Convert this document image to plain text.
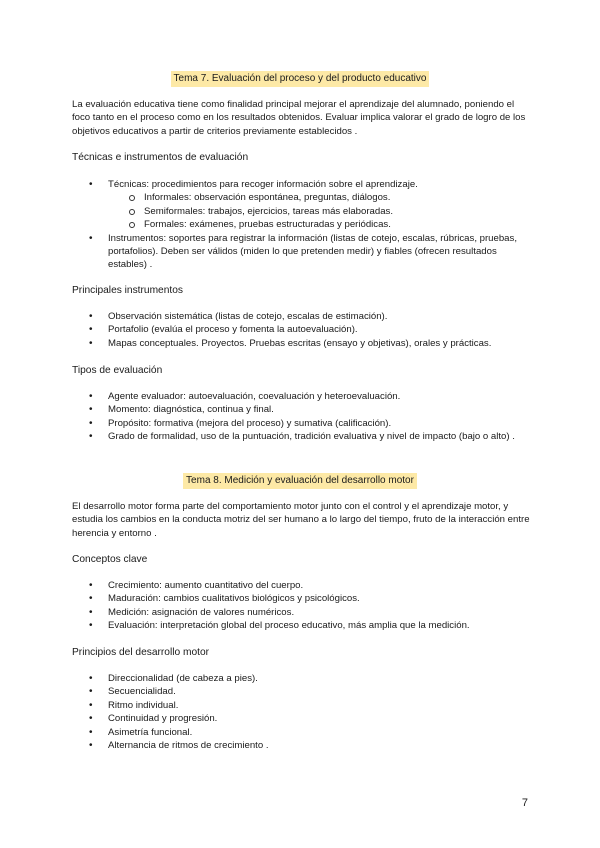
Tema 7. Evaluación del proceso y del producto educativo

La evaluación educativa tiene como finalidad principal mejorar el aprendizaje del alumnado, poniendo el foco tanto en el proceso como en los resultados obtenidos. Evaluar implica valorar el grado de logro de los objetivos educativos a partir de criterios previamente establecidos .

Técnicas e instrumentos de evaluación
• Técnicas: procedimientos para recoger información sobre el aprendizaje.
Informales: observación espontánea, preguntas, diálogos.
Semiformales: trabajos, ejercicios, tareas más elaboradas.
Formales: exámenes, pruebas estructuradas y periódicas.
• Instrumentos: soportes para registrar la información (listas de cotejo, escalas, rúbricas, pruebas, portafolios). Deben ser válidos (miden lo que pretenden medir) y fiables (ofrecen resultados estables) .
Principales instrumentos
• Observación sistemática (listas de cotejo, escalas de estimación).
• Portafolio (evalúa el proceso y fomenta la autoevaluación).
• Mapas conceptuales. Proyectos. Pruebas escritas (ensayo y objetivas), orales y prácticas.
Tipos de evaluación
• Agente evaluador: autoevaluación, coevaluación y heteroevaluación.
• Momento: diagnóstica, continua y final.
• Propósito: formativa (mejora del proceso) y sumativa (calificación).
• Grado de formalidad, uso de la puntuación, tradición evaluativa y nivel de impacto (bajo o alto) .
Tema 8. Medición y evaluación del desarrollo motor

El desarrollo motor forma parte del comportamiento motor junto con el control y el aprendizaje motor, y estudia los cambios en la conducta motriz del ser humano a lo largo del tiempo, fruto de la interacción entre herencia y entorno .

Conceptos clave
• Crecimiento: aumento cuantitativo del cuerpo.
• Maduración: cambios cualitativos biológicos y psicológicos.
• Medición: asignación de valores numéricos.
• Evaluación: interpretación global del proceso educativo, más amplia que la medición.
Principios del desarrollo motor
• Direccionalidad (de cabeza a pies).
• Secuencialidad.
• Ritmo individual.
• Continuidad y progresión.
• Asimetría funcional.
• Alternancia de ritmos de crecimiento .
7
